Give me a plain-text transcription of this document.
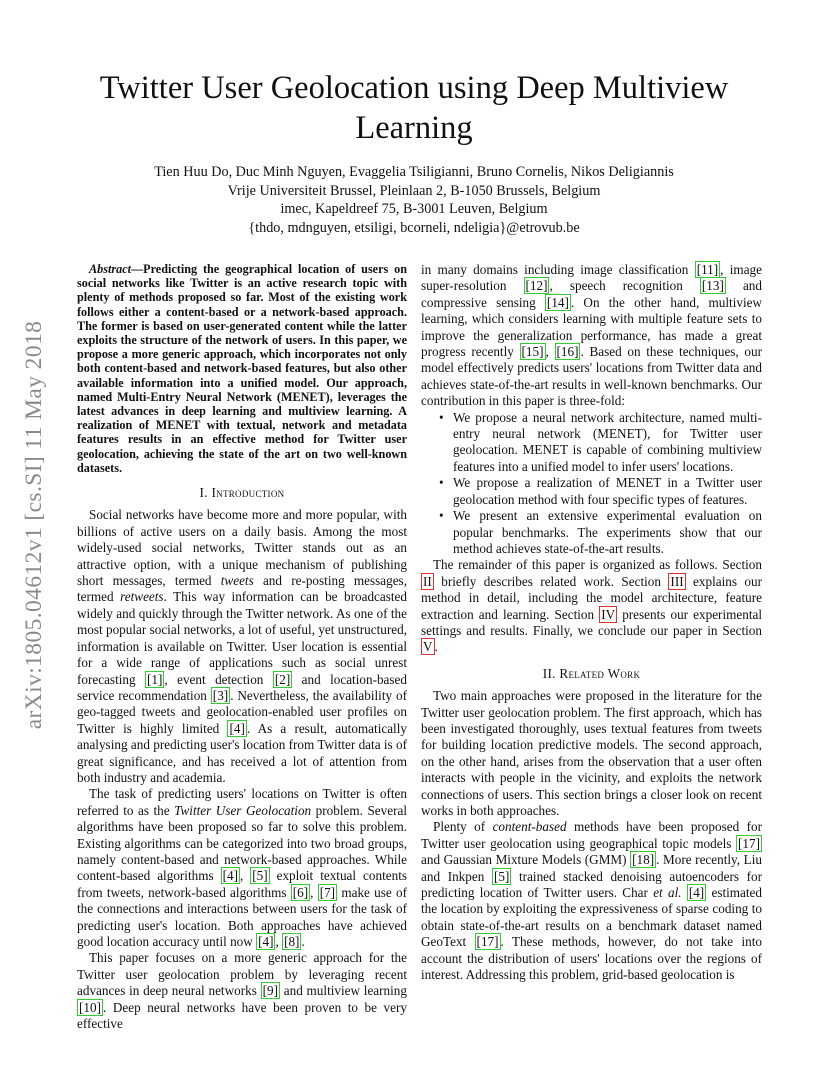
arXiv:1805.04612v1 [cs.SI] 11 May 2018
Twitter User Geolocation using Deep Multiview Learning
Tien Huu Do, Duc Minh Nguyen, Evaggelia Tsiligianni, Bruno Cornelis, Nikos Deligiannis
Vrije Universiteit Brussel, Pleinlaan 2, B-1050 Brussels, Belgium
imec, Kapeldreef 75, B-3001 Leuven, Belgium
{thdo, mdnguyen, etsiligi, bcorneli, ndeligia}@etrovub.be

Abstract—Predicting the geographical location of users on social networks like Twitter is an active research topic with plenty of methods proposed so far. Most of the existing work follows either a content-based or a network-based approach. The former is based on user-generated content while the latter exploits the structure of the network of users. In this paper, we propose a more generic approach, which incorporates not only both content-based and network-based features, but also other available information into a unified model. Our approach, named Multi-Entry Neural Network (MENET), leverages the latest advances in deep learning and multiview learning. A realization of MENET with textual, network and metadata features results in an effective method for Twitter user geolocation, achieving the state of the art on two well-known datasets.

I. Introduction

Social networks have become more and more popular, with billions of active users on a daily basis. Among the most widely-used social networks, Twitter stands out as an attractive option, with a unique mechanism of publishing short messages, termed tweets and re-posting messages, termed retweets. This way information can be broadcasted widely and quickly through the Twitter network. As one of the most popular social networks, a lot of useful, yet unstructured, information is available on Twitter. User location is essential for a wide range of applications such as social unrest forecasting [1] , event detection [2] and location-based service recommendation [3] . Nevertheless, the availability of geo-tagged tweets and geolocation-enabled user profiles on Twitter is highly limited [4] . As a result, automatically analysing and predicting user's location from Twitter data is of great significance, and has received a lot of attention from both industry and academia.

The task of predicting users' locations on Twitter is often referred to as the Twitter User Geolocation problem. Several algorithms have been proposed so far to solve this problem. Existing algorithms can be categorized into two broad groups, namely content-based and network-based approaches. While content-based algorithms [4] , [5] exploit textual contents from tweets, network-based algorithms [6] , [7] make use of the connections and interactions between users for the task of predicting user's location. Both approaches have achieved good location accuracy until now [4] , [8] .

This paper focuses on a more generic approach for the Twitter user geolocation problem by leveraging recent advances in deep neural networks [9] and multiview learning [10] . Deep neural networks have been proven to be very effective

in many domains including image classification [11] , image super-resolution [12] , speech recognition [13] and compressive sensing [14] . On the other hand, multiview learning, which considers learning with multiple feature sets to improve the generalization performance, has made a great progress recently [15] , [16] . Based on these techniques, our model effectively predicts users' locations from Twitter data and achieves state-of-the-art results in well-known benchmarks. Our contribution in this paper is three-fold:

• We propose a neural network architecture, named multi-entry neural network (MENET), for Twitter user geolocation. MENET is capable of combining multiview features into a unified model to infer users' locations.
• We propose a realization of MENET in a Twitter user geolocation method with four specific types of features.
• We present an extensive experimental evaluation on popular benchmarks. The experiments show that our method achieves state-of-the-art results.

The remainder of this paper is organized as follows. Section II briefly describes related work. Section III explains our method in detail, including the model architecture, feature extraction and learning. Section IV presents our experimental settings and results. Finally, we conclude our paper in Section V .

II. Related Work

Two main approaches were proposed in the literature for the Twitter user geolocation problem. The first approach, which has been investigated thoroughly, uses textual features from tweets for building location predictive models. The second approach, on the other hand, arises from the observation that a user often interacts with people in the vicinity, and exploits the network connections of users. This section brings a closer look on recent works in both approaches.

Plenty of content-based methods have been proposed for Twitter user geolocation using geographical topic models [17] and Gaussian Mixture Models (GMM) [18] . More recently, Liu and Inkpen [5] trained stacked denoising autoencoders for predicting location of Twitter users. Char et al. [4] estimated the location by exploiting the expressiveness of sparse coding to obtain state-of-the-art results on a benchmark dataset named GeoText [17] . These methods, however, do not take into account the distribution of users' locations over the regions of interest. Addressing this problem, grid-based geolocation is
